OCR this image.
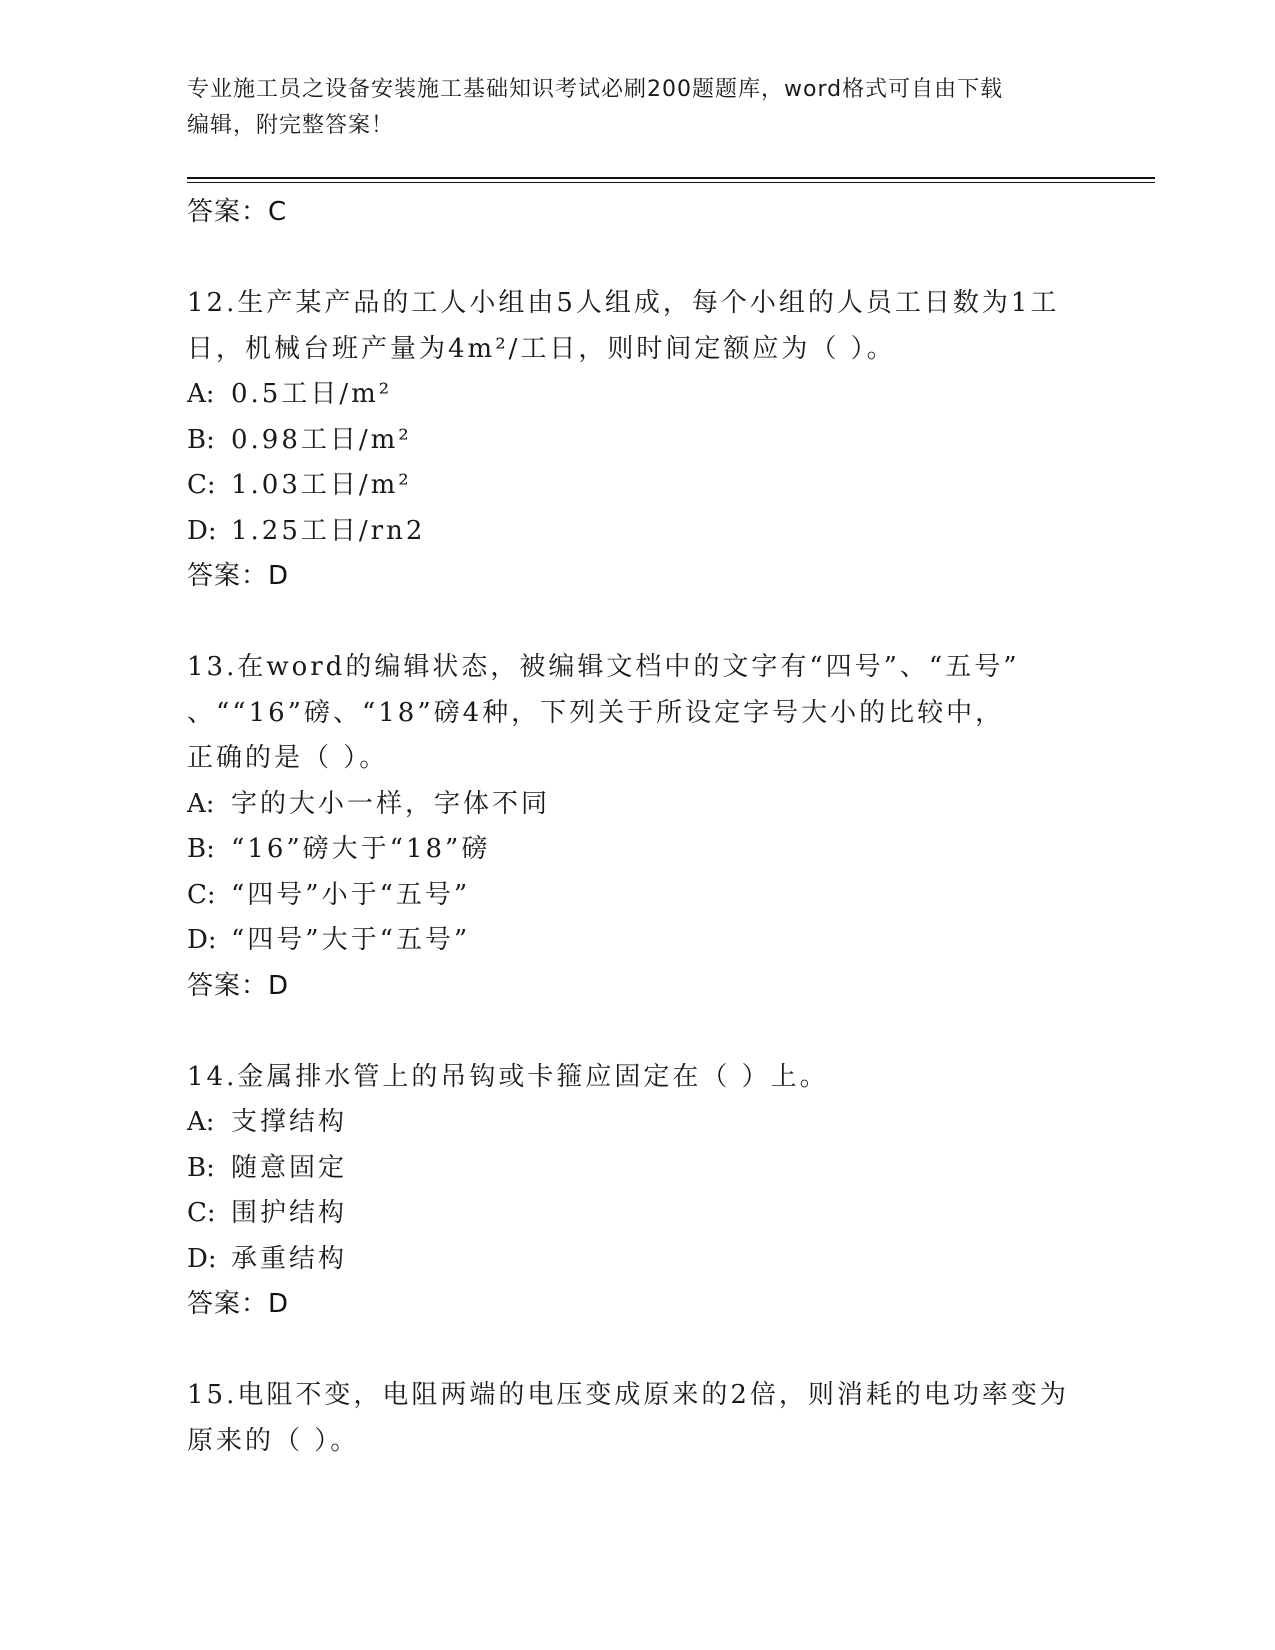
专业施工员之设备安装施工基础知识考试必刷200题题库，word格式可自由下载
编辑，附完整答案！
答案：C
12.生产某产品的工人小组由5人组成，每个小组的人员工日数为1工
日，机械台班产量为4m²/工日，则时间定额应为（ ）。
A: 0.5工日/m²
B: 0.98工日/m²
C: 1.03工日/m²
D: 1.25工日/rn2
答案：D
13.在word的编辑状态，被编辑文档中的文字有“四号”、“五号”
、““16”磅、“18”磅4种，下列关于所设定字号大小的比较中，
正确的是（ ）。
A: 字的大小一样，字体不同
B: “16”磅大于“18”磅
C: “四号”小于“五号”
D: “四号”大于“五号”
答案：D
14.金属排水管上的吊钩或卡箍应固定在（ ）上。
A: 支撑结构
B: 随意固定
C: 围护结构
D: 承重结构
答案：D
15.电阻不变，电阻两端的电压变成原来的2倍，则消耗的电功率变为
原来的（ ）。
